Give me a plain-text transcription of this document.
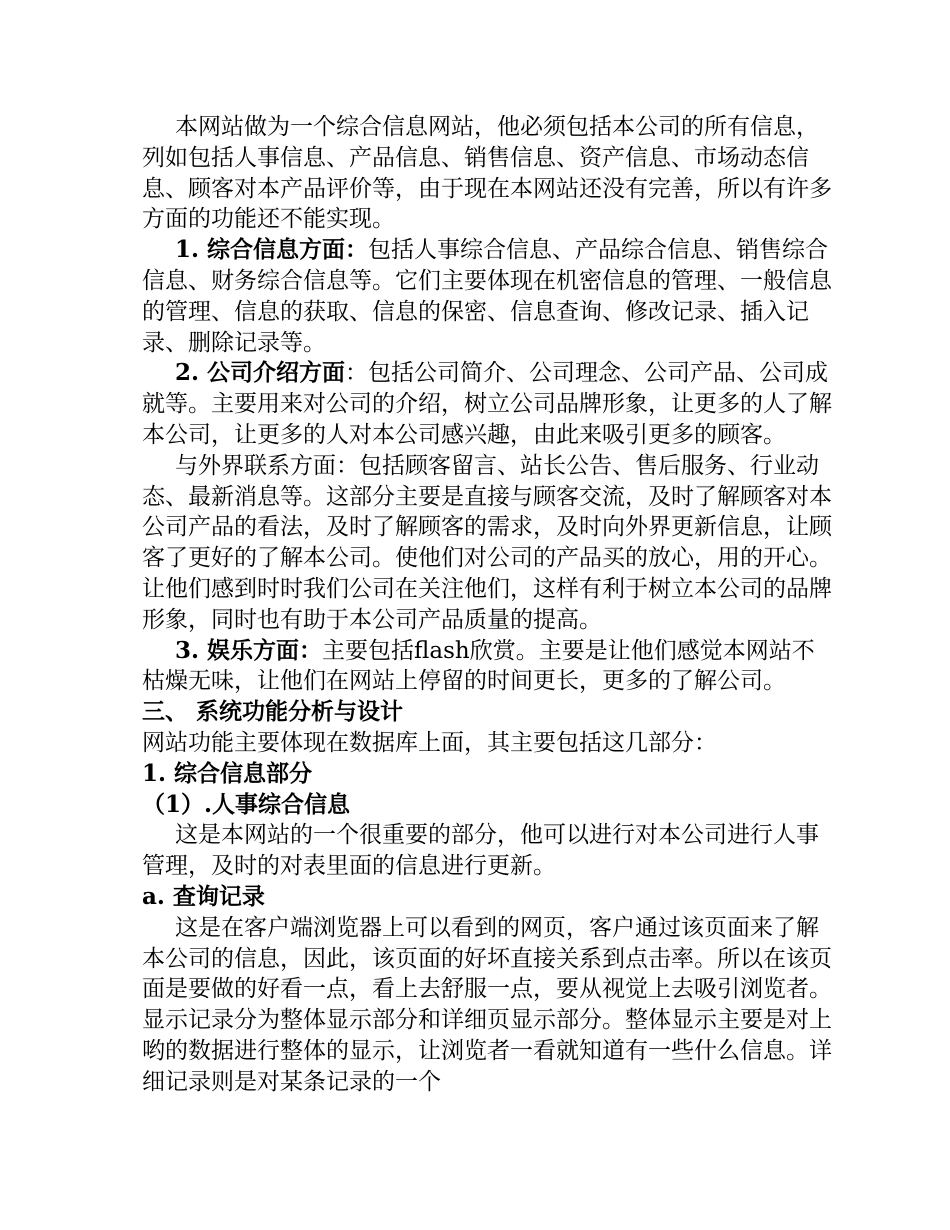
本网站做为一个综合信息网站，他必须包括本公司的所有信息，列如包括人事信息、产品信息、销售信息、资产信息、市场动态信息、顾客对本产品评价等，由于现在本网站还没有完善，所以有许多方面的功能还不能实现。

1. 综合信息方面：包括人事综合信息、产品综合信息、销售综合信息、财务综合信息等。它们主要体现在机密信息的管理、一般信息的管理、信息的获取、信息的保密、信息查询、修改记录、插入记录、删除记录等。

2. 公司介绍方面：包括公司简介、公司理念、公司产品、公司成就等。主要用来对公司的介绍，树立公司品牌形象，让更多的人了解本公司，让更多的人对本公司感兴趣，由此来吸引更多的顾客。

与外界联系方面：包括顾客留言、站长公告、售后服务、行业动态、最新消息等。这部分主要是直接与顾客交流，及时了解顾客对本公司产品的看法，及时了解顾客的需求，及时向外界更新信息，让顾客了更好的了解本公司。使他们对公司的产品买的放心，用的开心。让他们感到时时我们公司在关注他们，这样有利于树立本公司的品牌形象，同时也有助于本公司产品质量的提高。

3. 娱乐方面：主要包括flash欣赏。主要是让他们感觉本网站不枯燥无味，让他们在网站上停留的时间更长，更多的了解公司。

三、 系统功能分析与设计

网站功能主要体现在数据库上面，其主要包括这几部分：

1. 综合信息部分

（1）.人事综合信息

这是本网站的一个很重要的部分，他可以进行对本公司进行人事管理，及时的对表里面的信息进行更新。

a. 查询记录

这是在客户端浏览器上可以看到的网页，客户通过该页面来了解本公司的信息，因此，该页面的好坏直接关系到点击率。所以在该页面是要做的好看一点，看上去舒服一点，要从视觉上去吸引浏览者。显示记录分为整体显示部分和详细页显示部分。整体显示主要是对上哟的数据进行整体的显示，让浏览者一看就知道有一些什么信息。详细记录则是对某条记录的一个
